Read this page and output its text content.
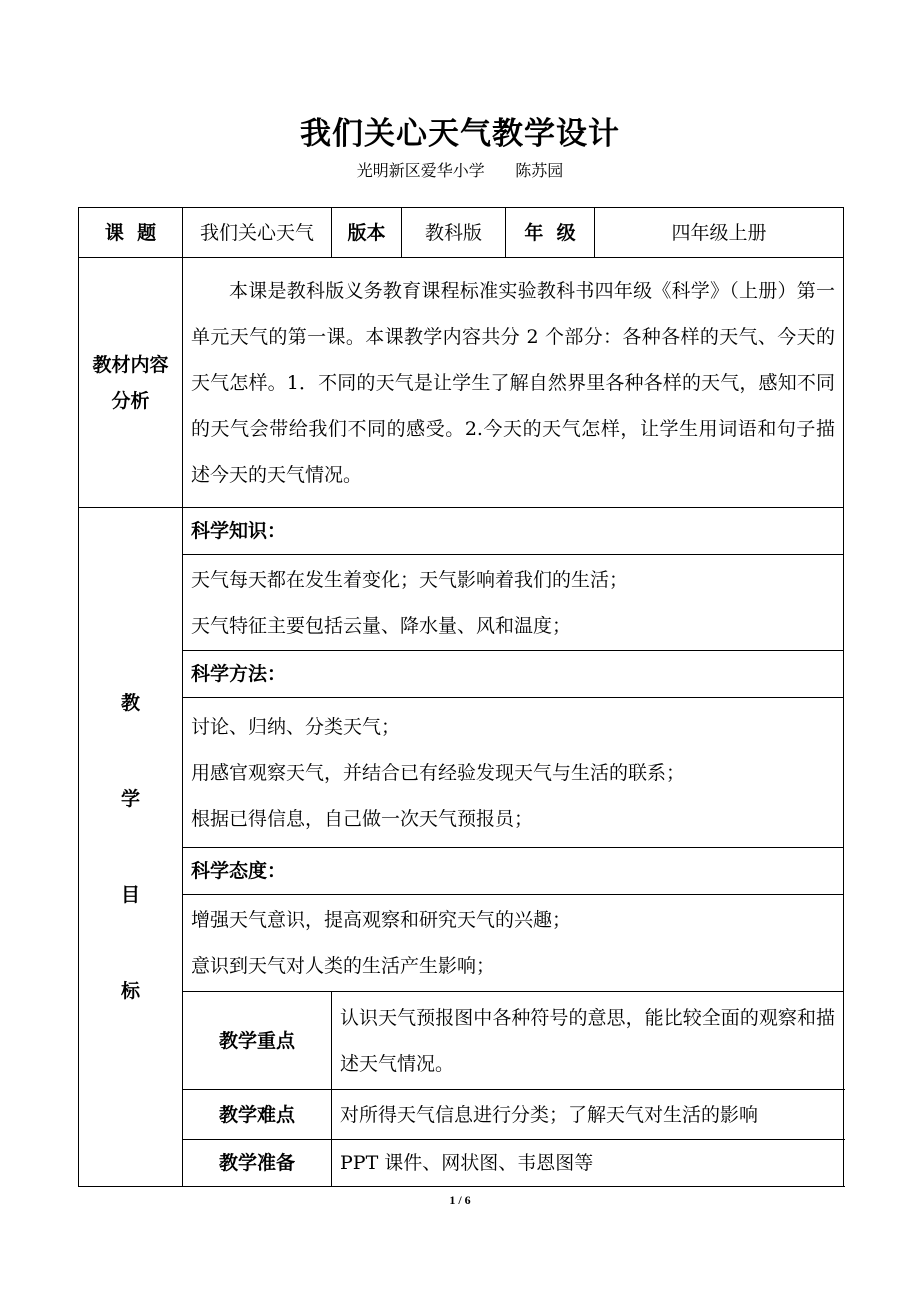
我们关心天气教学设计
光明新区爱华小学      陈苏园
课  题	我们关心天气	版本	教科版	年  级	四年级上册
教材内容分析	本课是教科版义务教育课程标准实验教科书四年级《科学》（上册）第一单元天气的第一课。本课教学内容共分 2 个部分：各种各样的天气、今天的天气怎样。1．不同的天气是让学生了解自然界里各种各样的天气，感知不同的天气会带给我们不同的感受。2.今天的天气怎样，让学生用词语和句子描述今天的天气情况。				

教
学
目
标	科学知识：				

	天气每天都在发生着变化；天气影响着我们的生活；
天气特征主要包括云量、降水量、风和温度；				

	科学方法：				

	讨论、归纳、分类天气；
用感官观察天气，并结合已有经验发现天气与生活的联系；
根据已得信息，自己做一次天气预报员；				

	科学态度：				

	增强天气意识，提高观察和研究天气的兴趣；
意识到天气对人类的生活产生影响；				

	教学重点	认识天气预报图中各种符号的意思，能比较全面的观察和描述天气情况。			

	教学难点	对所得天气信息进行分类；了解天气对生活的影响			
	教学准备	PPT 课件、网状图、韦恩图等			
1 / 6
